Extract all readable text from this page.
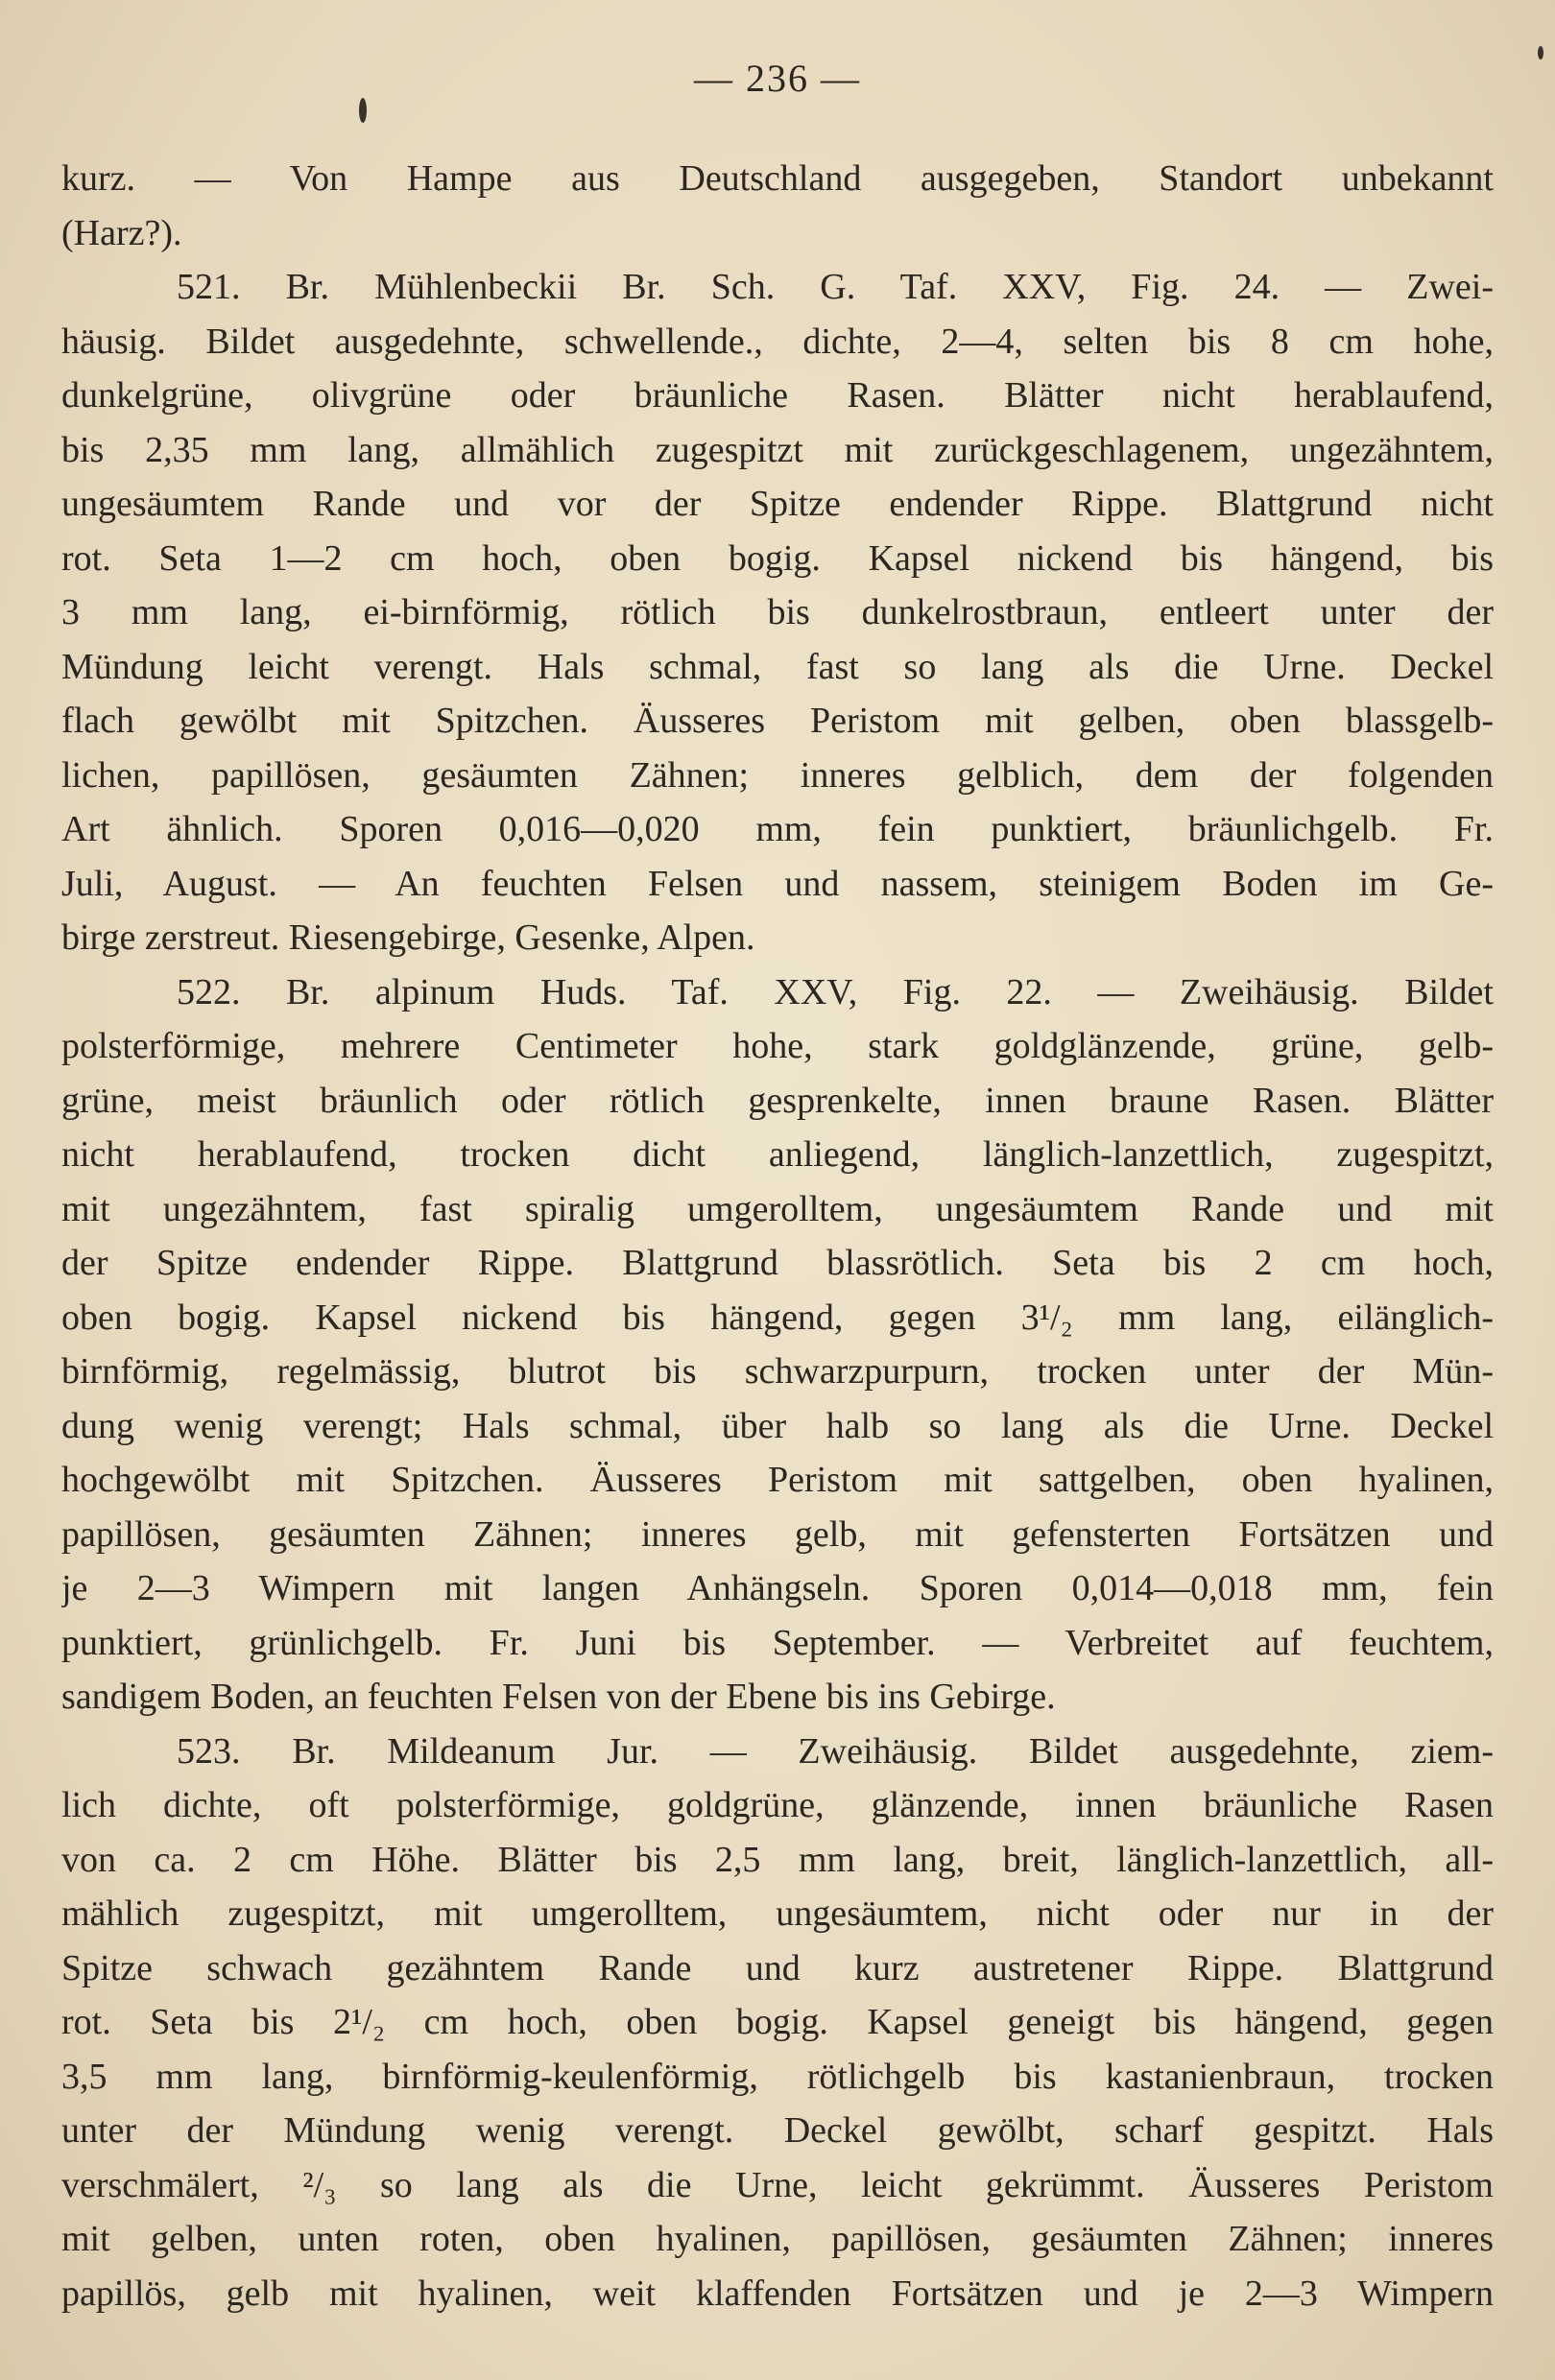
— 236 —
kurz. — Von Hampe aus Deutschland ausgegeben, Standort unbekannt
(Harz?).
521. Br. Mühlenbeckii Br. Sch. G. Taf. XXV, Fig. 24. — Zwei-
häusig. Bildet ausgedehnte, schwellende., dichte, 2—4, selten bis 8 cm hohe,
dunkelgrüne, olivgrüne oder bräunliche Rasen. Blätter nicht herablaufend,
bis 2,35 mm lang, allmählich zugespitzt mit zurückgeschlagenem, ungezähntem,
ungesäumtem Rande und vor der Spitze endender Rippe. Blattgrund nicht
rot. Seta 1—2 cm hoch, oben bogig. Kapsel nickend bis hängend, bis
3 mm lang, ei-birnförmig, rötlich bis dunkelrostbraun, entleert unter der
Mündung leicht verengt. Hals schmal, fast so lang als die Urne. Deckel
flach gewölbt mit Spitzchen. Äusseres Peristom mit gelben, oben blassgelb-
lichen, papillösen, gesäumten Zähnen; inneres gelblich, dem der folgenden
Art ähnlich. Sporen 0,016—0,020 mm, fein punktiert, bräunlichgelb. Fr.
Juli, August. — An feuchten Felsen und nassem, steinigem Boden im Ge-
birge zerstreut. Riesengebirge, Gesenke, Alpen.
522. Br. alpinum Huds. Taf. XXV, Fig. 22. — Zweihäusig. Bildet
polsterförmige, mehrere Centimeter hohe, stark goldglänzende, grüne, gelb-
grüne, meist bräunlich oder rötlich gesprenkelte, innen braune Rasen. Blätter
nicht herablaufend, trocken dicht anliegend, länglich-lanzettlich, zugespitzt,
mit ungezähntem, fast spiralig umgerolltem, ungesäumtem Rande und mit
der Spitze endender Rippe. Blattgrund blassrötlich. Seta bis 2 cm hoch,
oben bogig. Kapsel nickend bis hängend, gegen 3¹/₂ mm lang, eilänglich-
birnförmig, regelmässig, blutrot bis schwarzpurpurn, trocken unter der Mün-
dung wenig verengt; Hals schmal, über halb so lang als die Urne. Deckel
hochgewölbt mit Spitzchen. Äusseres Peristom mit sattgelben, oben hyalinen,
papillösen, gesäumten Zähnen; inneres gelb, mit gefensterten Fortsätzen und
je 2—3 Wimpern mit langen Anhängseln. Sporen 0,014—0,018 mm, fein
punktiert, grünlichgelb. Fr. Juni bis September. — Verbreitet auf feuchtem,
sandigem Boden, an feuchten Felsen von der Ebene bis ins Gebirge.
523. Br. Mildeanum Jur. — Zweihäusig. Bildet ausgedehnte, ziem-
lich dichte, oft polsterförmige, goldgrüne, glänzende, innen bräunliche Rasen
von ca. 2 cm Höhe. Blätter bis 2,5 mm lang, breit, länglich-lanzettlich, all-
mählich zugespitzt, mit umgerolltem, ungesäumtem, nicht oder nur in der
Spitze schwach gezähntem Rande und kurz austretener Rippe. Blattgrund
rot. Seta bis 2¹/₂ cm hoch, oben bogig. Kapsel geneigt bis hängend, gegen
3,5 mm lang, birnförmig-keulenförmig, rötlichgelb bis kastanienbraun, trocken
unter der Mündung wenig verengt. Deckel gewölbt, scharf gespitzt. Hals
verschmälert, ²/₃ so lang als die Urne, leicht gekrümmt. Äusseres Peristom
mit gelben, unten roten, oben hyalinen, papillösen, gesäumten Zähnen; inneres
papillös, gelb mit hyalinen, weit klaffenden Fortsätzen und je 2—3 Wimpern
